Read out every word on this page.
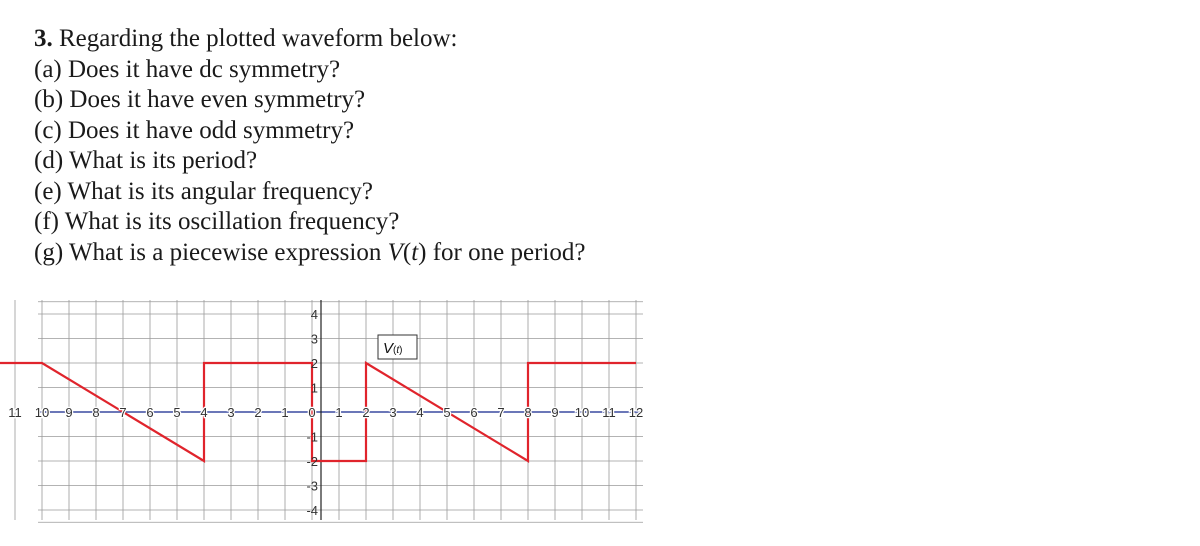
3. Regarding the plotted waveform below:
(a) Does it have dc symmetry?
(b) Does it have even symmetry?
(c) Does it have odd symmetry?
(d) What is its period?
(e) What is its angular frequency?
(f) What is its oscillation frequency?
(g) What is a piecewise expression V(t) for one period?
11 10 9 8 7 6 5 4 3 2 1 0 1 2 3 4 5 6 7 8 9 10 11 12
4
3
2
1
-1
-2
-3
-4
V(t)
